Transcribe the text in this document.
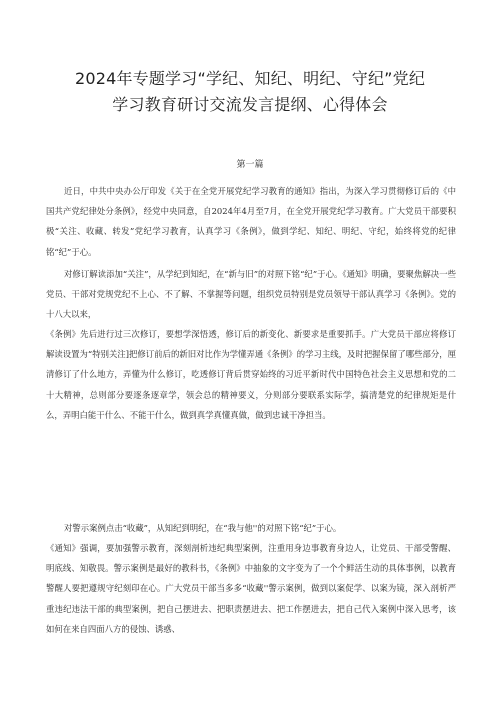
2024年专题学习“学纪、知纪、明纪、守纪”党纪
学习教育研讨交流发言提纲、心得体会
第一篇

近日，中共中央办公厅印发《关于在全党开展党纪学习教育的通知》指出，为深入学习贯彻修订后的《中国共产党纪律处分条例》，经党中央同意，自2024年4月至7月，在全党开展党纪学习教育。广大党员干部要积极“关注、收藏、转发”党纪学习教育，认真学习《条例》，做到学纪、知纪、明纪、守纪，始终将党的纪律铭“纪”于心。

对修订解读添加“关注”，从学纪到知纪，在“新与旧”的对照下铭“纪”于心。《通知》明确，要聚焦解决一些党员、干部对党规党纪不上心、不了解、不掌握等问题，组织党员特别是党员领导干部认真学习《条例》。党的十八大以来，

《条例》先后进行过三次修订，要想学深悟透，修订后的新变化、新要求是重要抓手。广大党员干部应将修订解读设置为“特别关注]把修订前后的新旧对比作为学懂弄通《条例》的学习主线，及时把握保留了哪些部分，厘清修订了什么地方，弄懂为什么修订，吃透修订背后贯穿始终的习近平新时代中国特色社会主义思想和党的二十大精神，总则部分要逐条逐章学，领会总的精神要义，分则部分要联系实际学，搞清楚党的纪律规矩是什么，弄明白能干什么、不能干什么，做到真学真懂真做，做到忠诚干净担当。

对警示案例点击“收藏”，从知纪到明纪，在“我与他''的对照下铭“纪”于心。

《通知》强调，要加强警示教育，深刻剖析违纪典型案例，注重用身边事教育身边人，让党员、干部受警醒、明底线、知敬畏。警示案例是最好的教科书，《条例》中抽象的文字变为了一个个鲜活生动的具体事例，以教育警醒人要把遵规守纪刻印在心。广大党员干部当多多“收藏''警示案例，做到以案促学、以案为镜，深入剖析严重违纪违法干部的典型案例，把自己摆进去、把职责摆进去、把工作摆进去，把自己代入案例中深入思考，该如何在来自四面八方的侵蚀、诱惑、
